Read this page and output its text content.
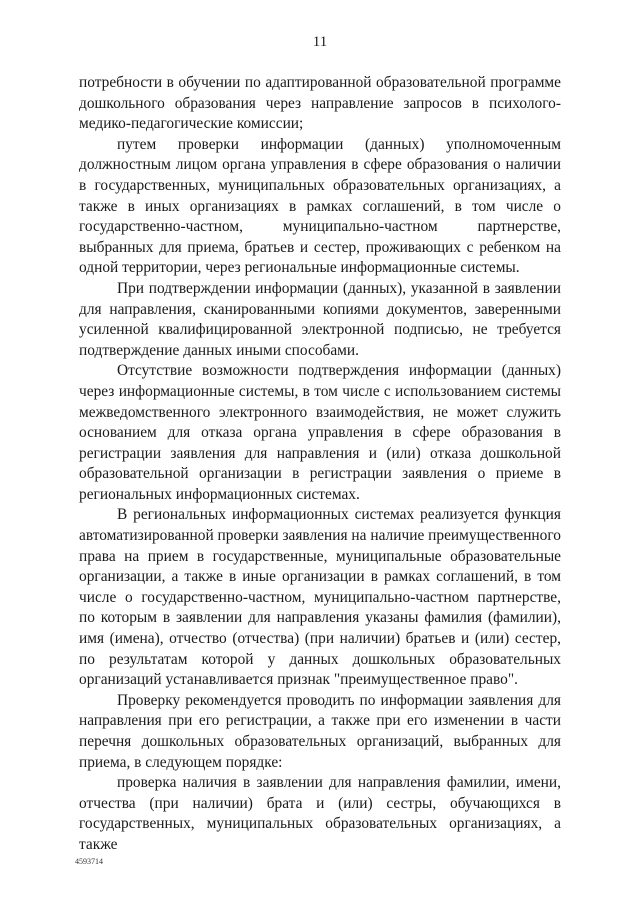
11

потребности в обучении по адаптированной образовательной программе дошкольного образования через направление запросов в психолого-медико-педагогические комиссии;

путем проверки информации (данных) уполномоченным должностным лицом органа управления в сфере образования о наличии в государственных, муниципальных образовательных организациях, а также в иных организациях в рамках соглашений, в том числе о государственно-частном, муниципально-частном партнерстве, выбранных для приема, братьев и сестер, проживающих с ребенком на одной территории, через региональные информационные системы.

При подтверждении информации (данных), указанной в заявлении для направления, сканированными копиями документов, заверенными усиленной квалифицированной электронной подписью, не требуется подтверждение данных иными способами.

Отсутствие возможности подтверждения информации (данных) через информационные системы, в том числе с использованием системы межведомственного электронного взаимодействия, не может служить основанием для отказа органа управления в сфере образования в регистрации заявления для направления и (или) отказа дошкольной образовательной организации в регистрации заявления о приеме в региональных информационных системах.

В региональных информационных системах реализуется функция автоматизированной проверки заявления на наличие преимущественного права на прием в государственные, муниципальные образовательные организации, а также в иные организации в рамках соглашений, в том числе о государственно-частном, муниципально-частном партнерстве, по которым в заявлении для направления указаны фамилия (фамилии), имя (имена), отчество (отчества) (при наличии) братьев и (или) сестер, по результатам которой у данных дошкольных образовательных организаций устанавливается признак "преимущественное право".

Проверку рекомендуется проводить по информации заявления для направления при его регистрации, а также при его изменении в части перечня дошкольных образовательных организаций, выбранных для приема, в следующем порядке:

проверка наличия в заявлении для направления фамилии, имени, отчества (при наличии) брата и (или) сестры, обучающихся в государственных, муниципальных образовательных организациях, а также

4593714
